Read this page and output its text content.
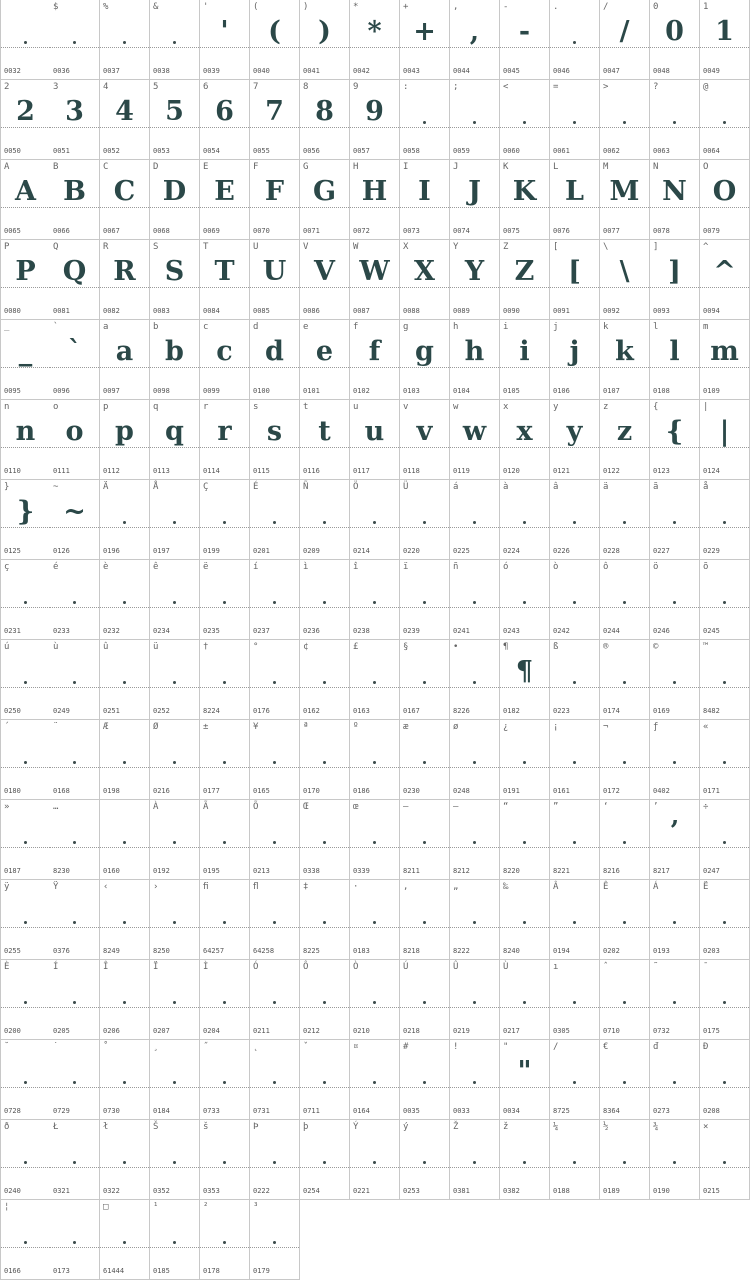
0032
$
0036
%
0037
&
0038
'
'
0039
(
(
0040
)
)
0041
*
*
0042
+
+
0043
,
,
0044
-
-
0045
.
0046
/
/
0047
0
0
0048
1
1
0049
2
2
0050
3
3
0051
4
4
0052
5
5
0053
6
6
0054
7
7
0055
8
8
0056
9
9
0057
:
0058
;
0059
<
0060
=
0061
>
0062
?
0063
@
0064
A
A
0065
B
B
0066
C
C
0067
D
D
0068
E
E
0069
F
F
0070
G
G
0071
H
H
0072
I
I
0073
J
J
0074
K
K
0075
L
L
0076
M
M
0077
N
N
0078
O
O
0079
P
P
0080
Q
Q
0081
R
R
0082
S
S
0083
T
T
0084
U
U
0085
V
V
0086
W
W
0087
X
X
0088
Y
Y
0089
Z
Z
0090
[
[
0091
\
\
0092
]
]
0093
^
^
0094
_
_
0095
`
`
0096
a
a
0097
b
b
0098
c
c
0099
d
d
0100
e
e
0101
f
f
0102
g
g
0103
h
h
0104
i
i
0105
j
j
0106
k
k
0107
l
l
0108
m
m
0109
n
n
0110
o
o
0111
p
p
0112
q
q
0113
r
r
0114
s
s
0115
t
t
0116
u
u
0117
v
v
0118
w
w
0119
x
x
0120
y
y
0121
z
z
0122
{
{
0123
|
|
0124
}
}
0125
~
~
0126
Ä
0196
Å
0197
Ç
0199
É
0201
Ñ
0209
Ö
0214
Ü
0220
á
0225
à
0224
â
0226
ä
0228
ã
0227
å
0229
ç
0231
é
0233
è
0232
ê
0234
ë
0235
í
0237
ì
0236
î
0238
ï
0239
ñ
0241
ó
0243
ò
0242
ô
0244
ö
0246
õ
0245
ú
0250
ù
0249
û
0251
ü
0252
†
8224
°
0176
¢
0162
£
0163
§
0167
•
8226
¶
¶
0182
ß
0223
®
0174
©
0169
™
8482
´
0180
¨
0168
Æ
0198
Ø
0216
±
0177
¥
0165
ª
0170
º
0186
æ
0230
ø
0248
¿
0191
¡
0161
¬
0172
ƒ
0402
«
0171
»
0187
…
8230	0160
À
0192
Ã
0195
Õ
0213
Œ
0338
œ
0339
–
8211
—
8212
“
8220
”
8221
‘
8216
’
’
8217
÷
0247
ÿ
0255
Ÿ
0376
‹
8249
›
8250
ﬁ
64257
ﬂ
64258
‡
8225
·
0183
‚
8218
„
8222
‰
8240
Â
0194
Ê
0202
Á
0193
Ë
0203
È
0200
Í
0205
Î
0206
Ï
0207
Ì
0204
Ó
0211
Ô
0212
Ò
0210
Ú
0218
Û
0219
Ù
0217
ı
0305
ˆ
0710
˜
0732
¯
0175
˘
0728
˙
0729
˚
0730
¸
0184
˝
0733
˛
0731
ˇ
0711
¤
0164
#
0035
!
0033
"
"
0034
∕
8725
€
8364
đ
0273
Đ
0208
ð
0240
Ł
0321
ł
0322
Š
0352
š
0353
Þ
0222
þ
0254
Ý
0221
ý
0253
Ž
0381
ž
0382
¼
0188
½
0189
¾
0190
×
0215
¦
0166	0173
□
61444
¹
0185
²
0178
³
0179
